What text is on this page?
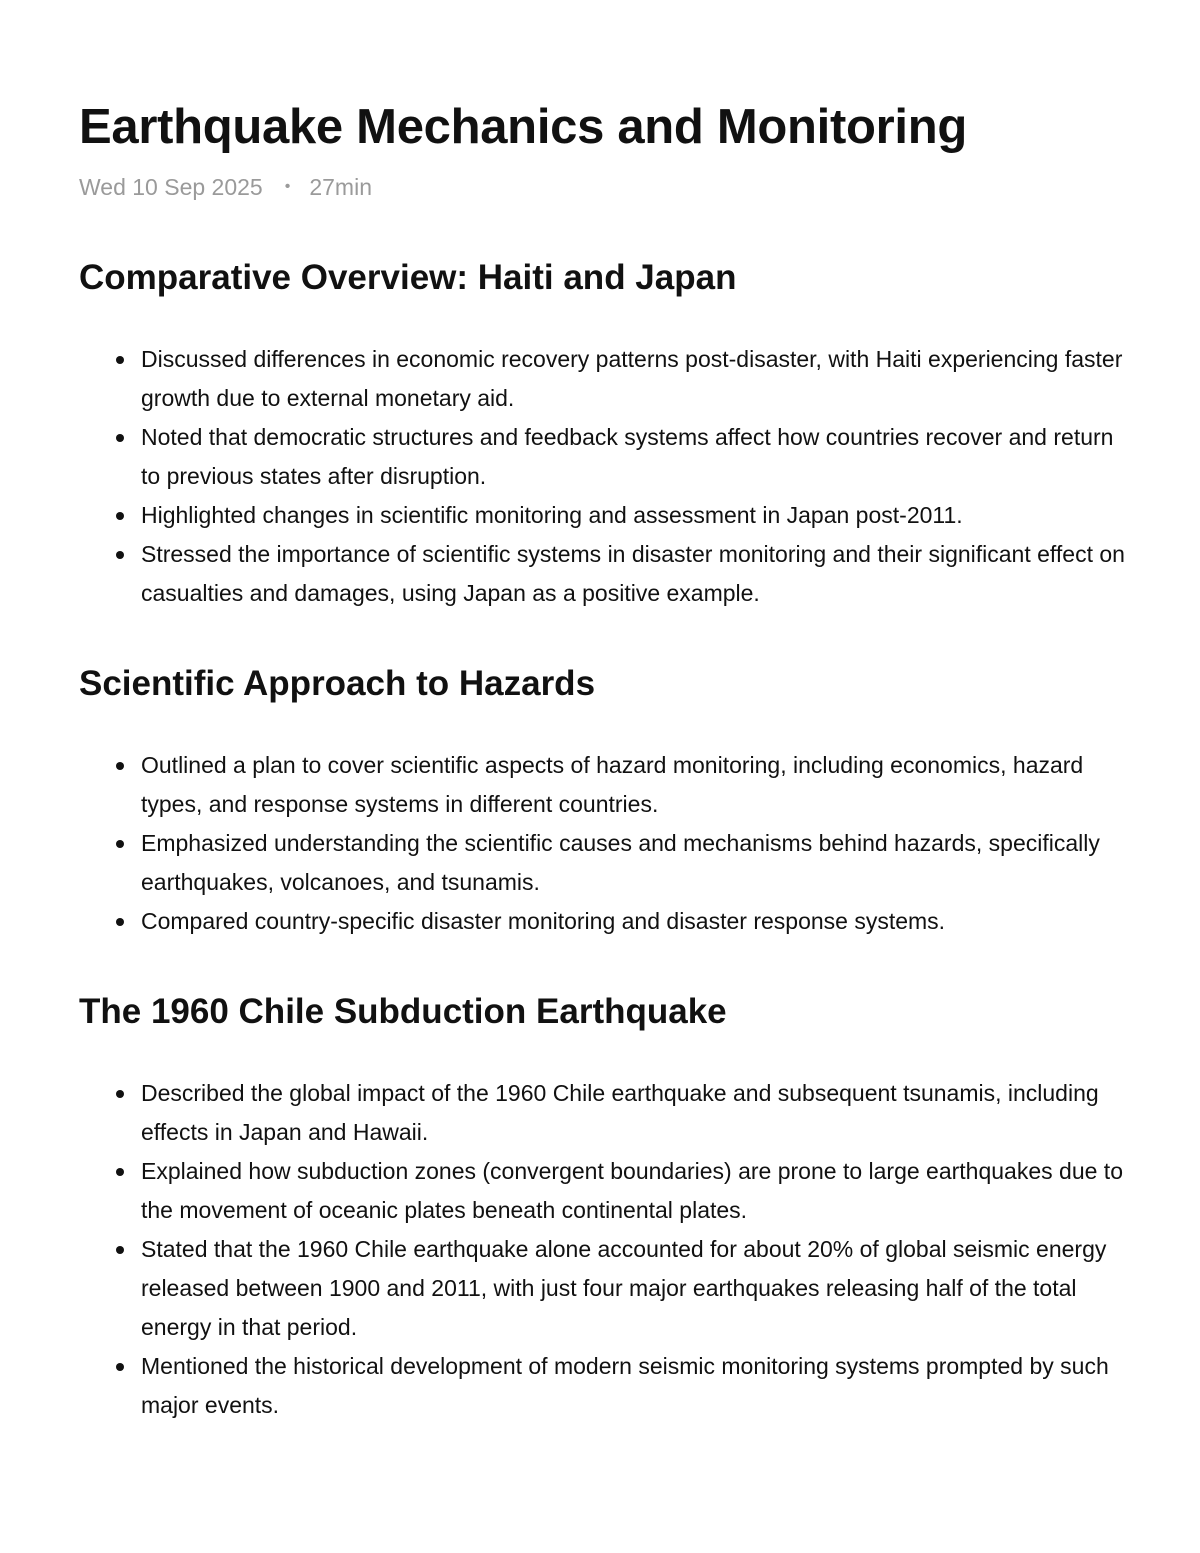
Earthquake Mechanics and Monitoring
Wed 10 Sep 2025 • 27min
Comparative Overview: Haiti and Japan
Discussed differences in economic recovery patterns post-disaster, with Haiti experiencing faster growth due to external monetary aid.
Noted that democratic structures and feedback systems affect how countries recover and return to previous states after disruption.
Highlighted changes in scientific monitoring and assessment in Japan post-2011.
Stressed the importance of scientific systems in disaster monitoring and their significant effect on casualties and damages, using Japan as a positive example.
Scientific Approach to Hazards
Outlined a plan to cover scientific aspects of hazard monitoring, including economics, hazard types, and response systems in different countries.
Emphasized understanding the scientific causes and mechanisms behind hazards, specifically earthquakes, volcanoes, and tsunamis.
Compared country-specific disaster monitoring and disaster response systems.
The 1960 Chile Subduction Earthquake
Described the global impact of the 1960 Chile earthquake and subsequent tsunamis, including effects in Japan and Hawaii.
Explained how subduction zones (convergent boundaries) are prone to large earthquakes due to the movement of oceanic plates beneath continental plates.
Stated that the 1960 Chile earthquake alone accounted for about 20% of global seismic energy released between 1900 and 2011, with just four major earthquakes releasing half of the total energy in that period.
Mentioned the historical development of modern seismic monitoring systems prompted by such major events.
